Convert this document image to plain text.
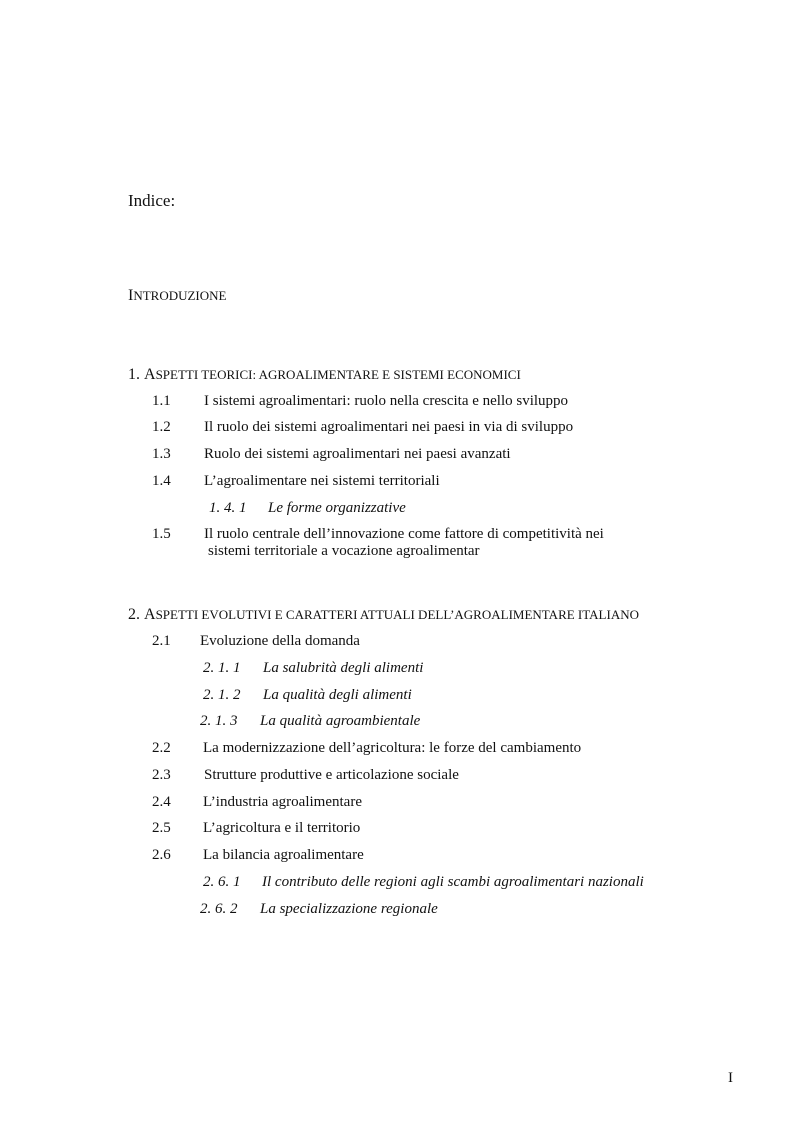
Indice:
INTRODUZIONE
1. ASPETTI TEORICI: AGROALIMENTARE E SISTEMI ECONOMICI
1.1 I sistemi agroalimentari: ruolo nella crescita e nello sviluppo
1.2 Il ruolo dei sistemi agroalimentari nei paesi in via di sviluppo
1.3 Ruolo dei sistemi agroalimentari nei paesi avanzati
1.4 L’agroalimentare nei sistemi territoriali
1. 4. 1 Le forme organizzative
1.5 Il ruolo centrale dell’innovazione come fattore di competitività nei
sistemi territoriale a vocazione agroalimentar
2. ASPETTI EVOLUTIVI E CARATTERI ATTUALI DELL’AGROALIMENTARE ITALIANO
2.1 Evoluzione della domanda
2. 1. 1 La salubrità degli alimenti
2. 1. 2 La qualità degli alimenti
2. 1. 3 La qualità agroambientale
2.2 La modernizzazione dell’agricoltura: le forze del cambiamento
2.3 Strutture produttive e articolazione sociale
2.4 L’industria agroalimentare
2.5 L’agricoltura e il territorio
2.6 La bilancia agroalimentare
2. 6. 1 Il contributo delle regioni agli scambi agroalimentari nazionali
2. 6. 2 La specializzazione regionale
I
